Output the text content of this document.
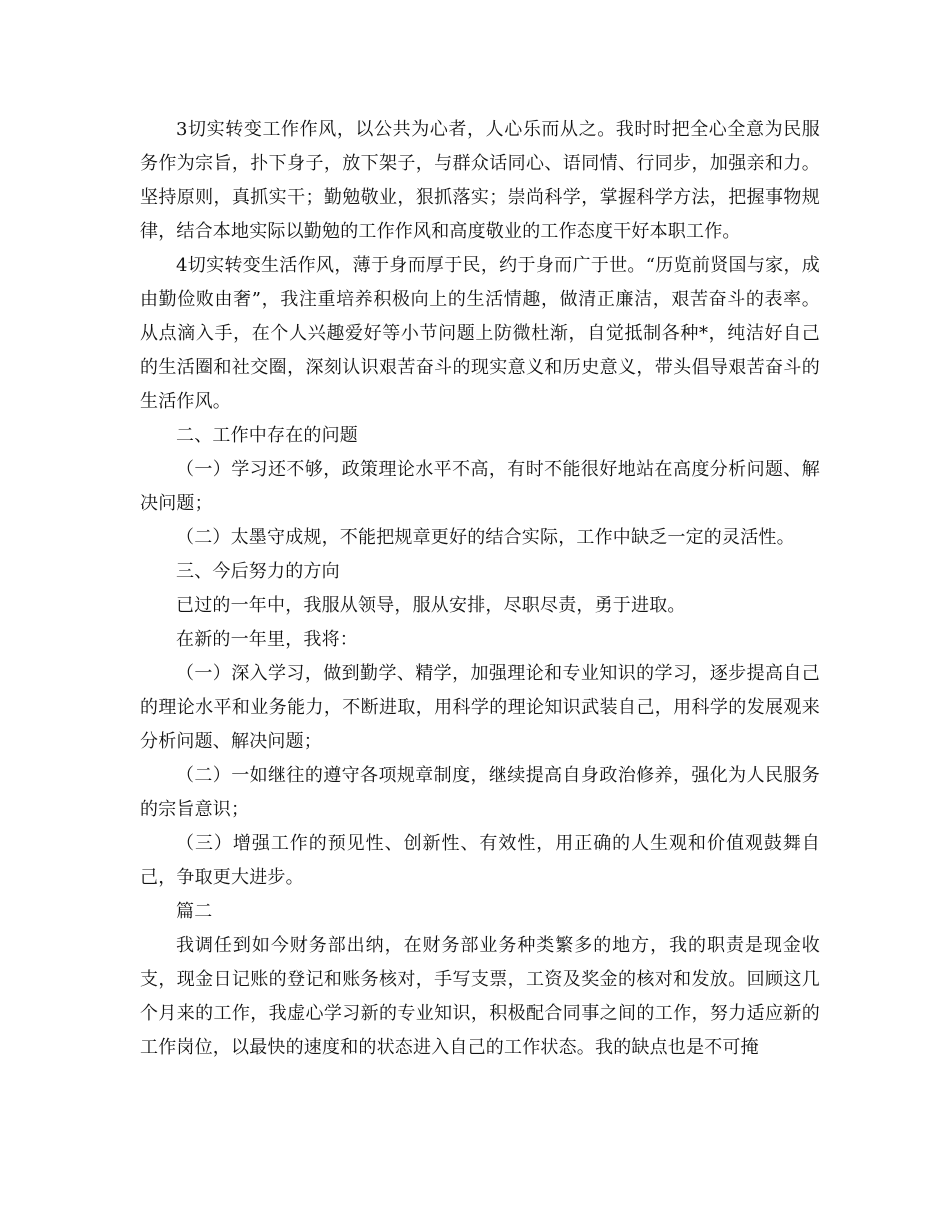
3切实转变工作作风，以公共为心者，人心乐而从之。我时时把全心全意为民服务作为宗旨，扑下身子，放下架子，与群众话同心、语同情、行同步，加强亲和力。坚持原则，真抓实干；勤勉敬业，狠抓落实；崇尚科学，掌握科学方法，把握事物规律，结合本地实际以勤勉的工作作风和高度敬业的工作态度干好本职工作。

4切实转变生活作风，薄于身而厚于民，约于身而广于世。“历览前贤国与家，成由勤俭败由奢”，我注重培养积极向上的生活情趣，做清正廉洁，艰苦奋斗的表率。从点滴入手，在个人兴趣爱好等小节问题上防微杜渐，自觉抵制各种*，纯洁好自己的生活圈和社交圈，深刻认识艰苦奋斗的现实意义和历史意义，带头倡导艰苦奋斗的生活作风。

二、工作中存在的问题

（一）学习还不够，政策理论水平不高，有时不能很好地站在高度分析问题、解决问题；

（二）太墨守成规，不能把规章更好的结合实际，工作中缺乏一定的灵活性。

三、今后努力的方向

已过的一年中，我服从领导，服从安排，尽职尽责，勇于进取。

在新的一年里，我将：

（一）深入学习，做到勤学、精学，加强理论和专业知识的学习，逐步提高自己的理论水平和业务能力，不断进取，用科学的理论知识武装自己，用科学的发展观来分析问题、解决问题；

（二）一如继往的遵守各项规章制度，继续提高自身政治修养，强化为人民服务的宗旨意识；

（三）增强工作的预见性、创新性、有效性，用正确的人生观和价值观鼓舞自己，争取更大进步。

篇二

我调任到如今财务部出纳，在财务部业务种类繁多的地方，我的职责是现金收支，现金日记账的登记和账务核对，手写支票，工资及奖金的核对和发放。回顾这几个月来的工作，我虚心学习新的专业知识，积极配合同事之间的工作，努力适应新的工作岗位，以最快的速度和的状态进入自己的工作状态。我的缺点也是不可掩
